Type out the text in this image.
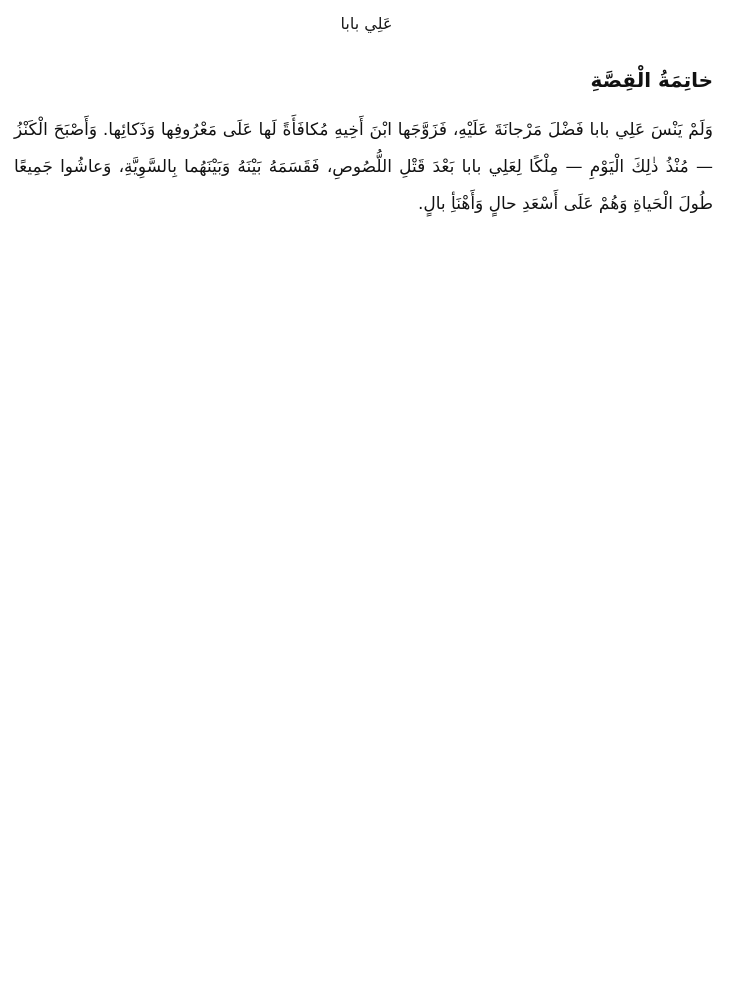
عَلِي بابا
خاتِمَةُ الْقِصَّةِ

وَلَمْ يَنْسَ عَلِي بابا فَضْلَ مَرْجانَةَ عَلَيْهِ، فَزَوَّجَها ابْنَ أَخِيهِ مُكافَأَةً لَها عَلَى مَعْرُوفِها وَذَكائِها. وَأَصْبَحَ الْكَنْزُ — مُنْذُ ذٰلِكَ الْيَوْمِ — مِلْكًا لِعَلِي بابا بَعْدَ قَتْلِ اللُّصُوصِ، فَقَسَمَهُ بَيْنَهُ وَبَيْنَهُما بِالسَّوِيَّةِ، وَعاشُوا جَمِيعًا طُولَ الْحَياةِ وَهُمْ عَلَى أَسْعَدِ حالٍ وَأَهْنَأِ بالٍ.
